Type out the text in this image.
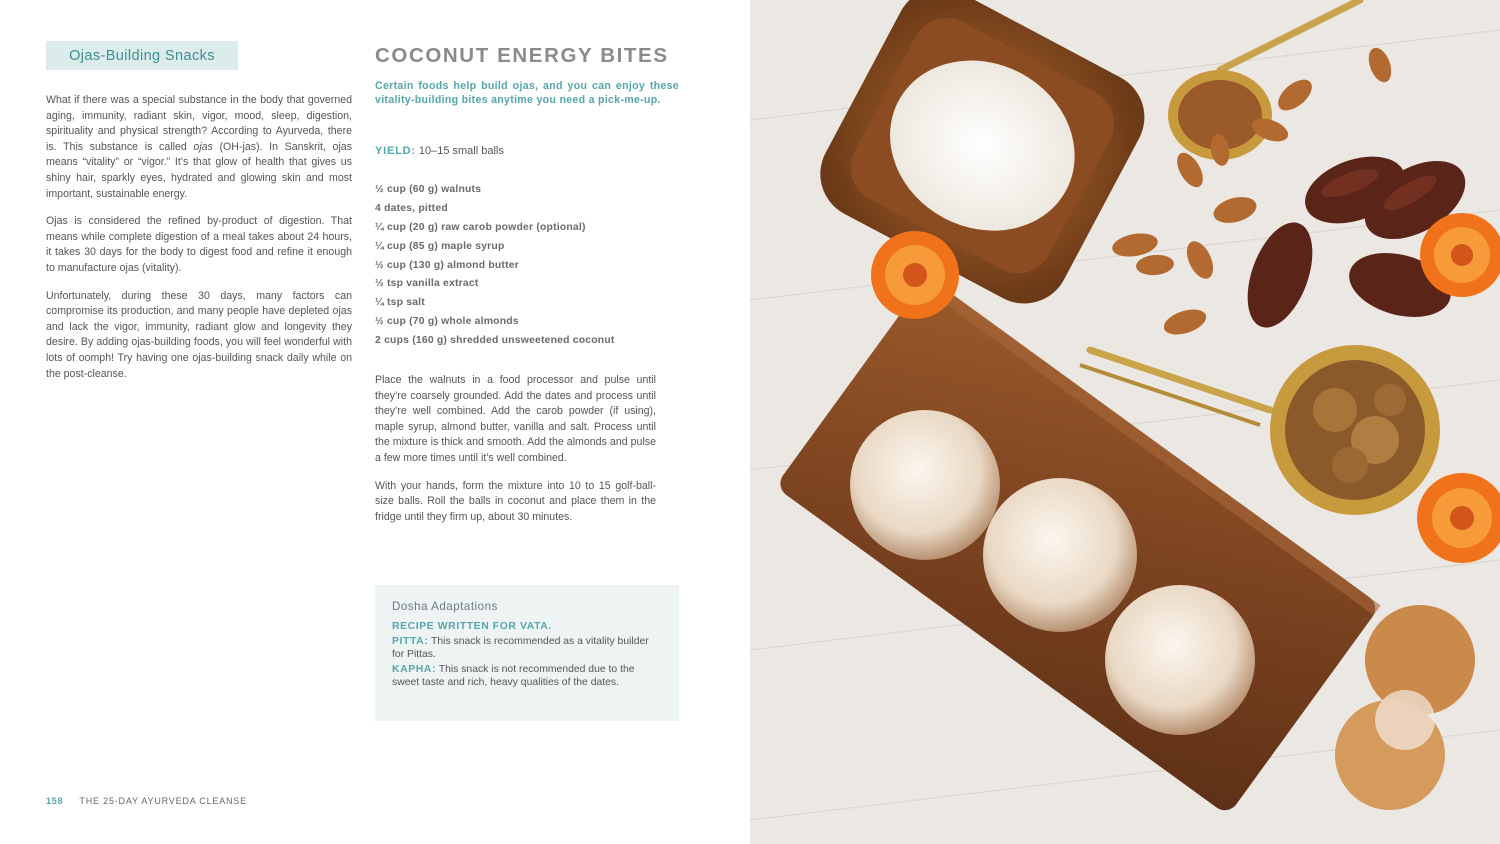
Ojas-Building Snacks

What if there was a special substance in the body that governed aging, immunity, radiant skin, vigor, mood, sleep, digestion, spirituality and physical strength? According to Ayurveda, there is. This substance is called ojas (OH-jas). In Sanskrit, ojas means “vitality” or “vigor.” It’s that glow of health that gives us shiny hair, sparkly eyes, hydrated and glowing skin and most important, sustainable energy.

Ojas is considered the refined by-product of digestion. That means while complete digestion of a meal takes about 24 hours, it takes 30 days for the body to digest food and refine it enough to manufacture ojas (vitality).

Unfortunately, during these 30 days, many factors can compromise its production, and many people have depleted ojas and lack the vigor, immunity, radiant glow and longevity they desire. By adding ojas-building foods, you will feel wonderful with lots of oomph! Try having one ojas-building snack daily while on the post-cleanse.

COCONUT ENERGY BITES
Certain foods help build ojas, and you can enjoy these vitality-building bites anytime you need a pick-me-up.
YIELD: 10–15 small balls
½ cup (60 g) walnuts
4 dates, pitted
¼ cup (20 g) raw carob powder (optional)
¼ cup (85 g) maple syrup
½ cup (130 g) almond butter
½ tsp vanilla extract
¼ tsp salt
½ cup (70 g) whole almonds
2 cups (160 g) shredded unsweetened coconut

Place the walnuts in a food processor and pulse until they’re coarsely grounded. Add the dates and process until they’re well combined. Add the carob powder (if using), maple syrup, almond butter, vanilla and salt. Process until the mixture is thick and smooth. Add the almonds and pulse a few more times until it’s well combined.

With your hands, form the mixture into 10 to 15 golf-ball-size balls. Roll the balls in coconut and place them in the fridge until they firm up, about 30 minutes.

Dosha Adaptations
RECIPE WRITTEN FOR VATA.
PITTA: This snack is recommended as a vitality builder for Pittas.
KAPHA: This snack is not recommended due to the sweet taste and rich, heavy qualities of the dates.
158 THE 25-DAY AYURVEDA CLEANSE
